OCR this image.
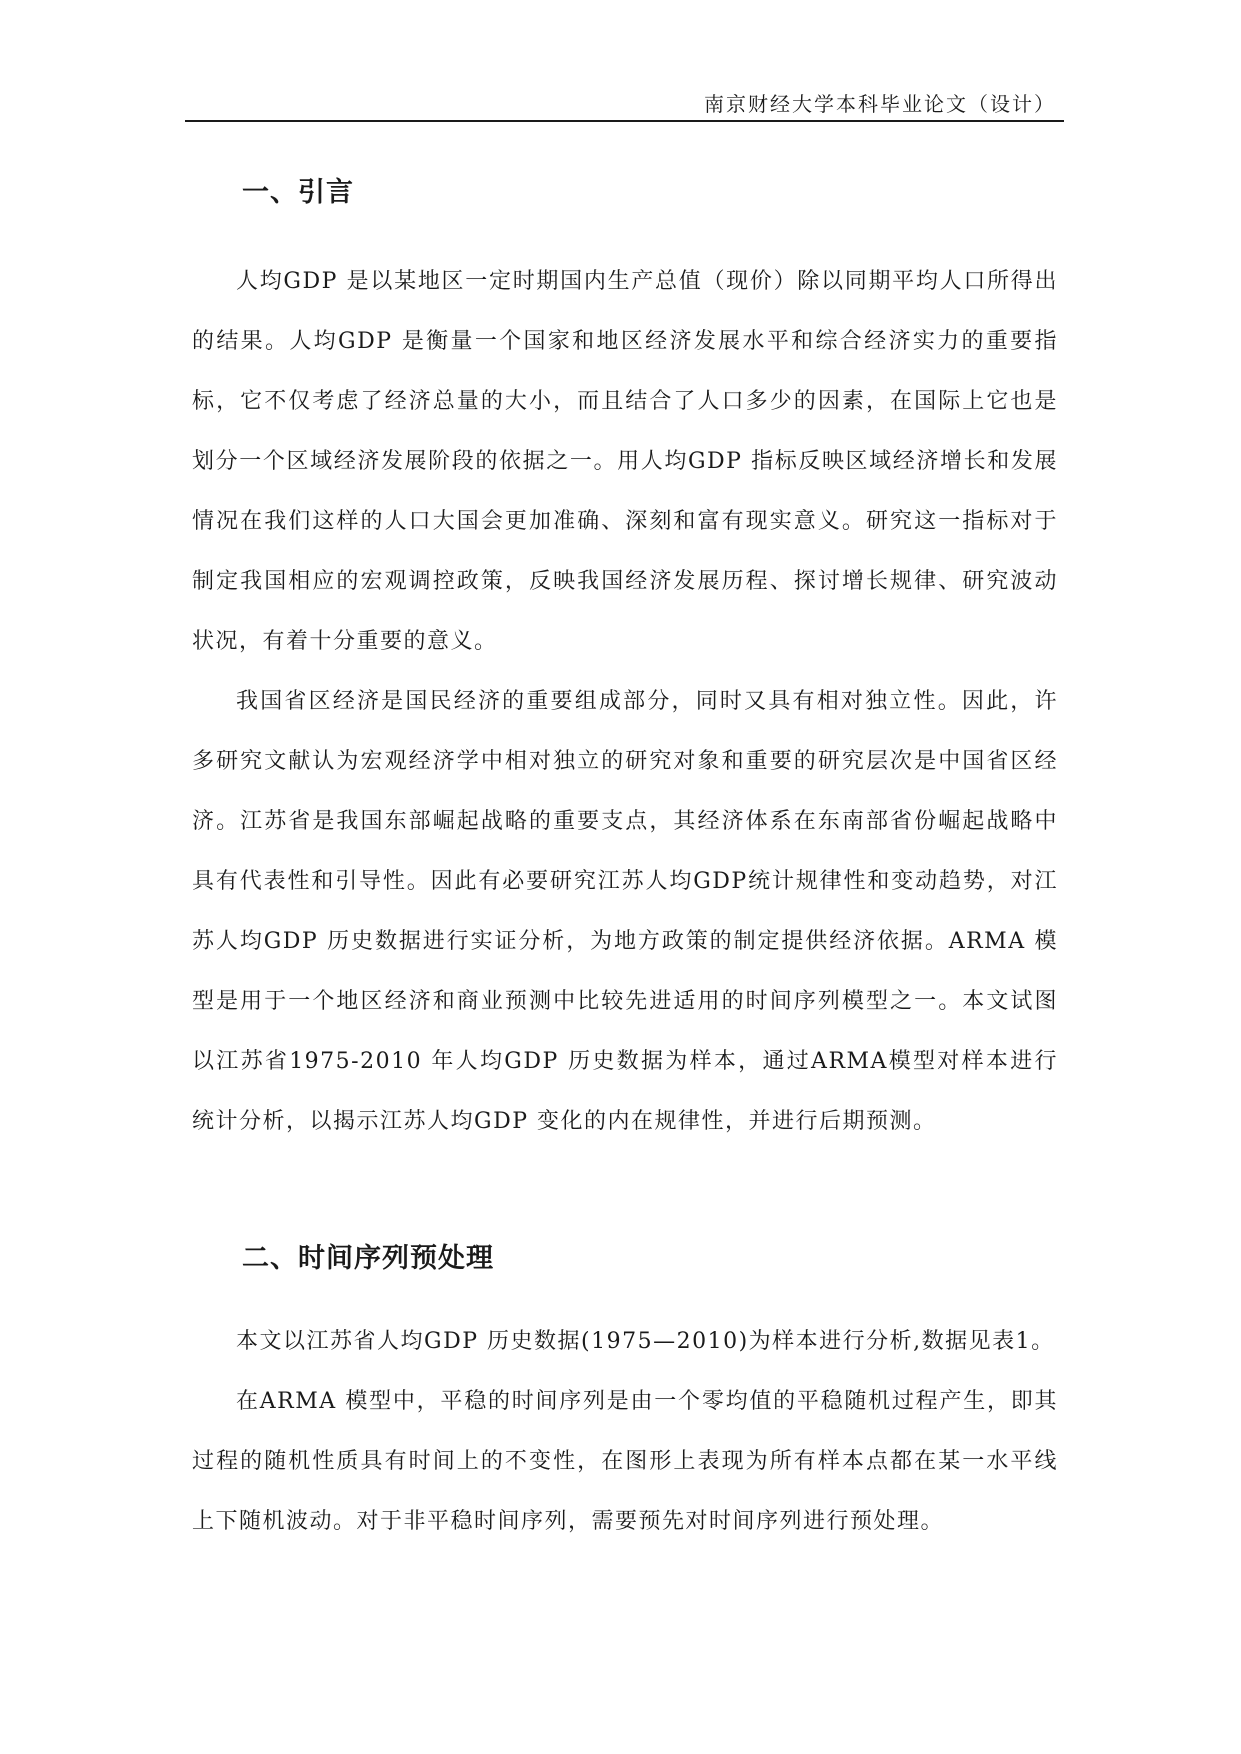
南京财经大学本科毕业论文（设计）
一、引言

人均GDP 是以某地区一定时期国内生产总值（现价）除以同期平均人口所得出的结果。人均GDP 是衡量一个国家和地区经济发展水平和综合经济实力的重要指标，它不仅考虑了经济总量的大小，而且结合了人口多少的因素，在国际上它也是划分一个区域经济发展阶段的依据之一。用人均GDP 指标反映区域经济增长和发展情况在我们这样的人口大国会更加准确、深刻和富有现实意义。研究这一指标对于制定我国相应的宏观调控政策，反映我国经济发展历程、探讨增长规律、研究波动状况，有着十分重要的意义。

我国省区经济是国民经济的重要组成部分，同时又具有相对独立性。因此，许多研究文献认为宏观经济学中相对独立的研究对象和重要的研究层次是中国省区经济。江苏省是我国东部崛起战略的重要支点，其经济体系在东南部省份崛起战略中具有代表性和引导性。因此有必要研究江苏人均GDP统计规律性和变动趋势，对江苏人均GDP 历史数据进行实证分析，为地方政策的制定提供经济依据。ARMA 模型是用于一个地区经济和商业预测中比较先进适用的时间序列模型之一。本文试图以江苏省1975-2010 年人均GDP 历史数据为样本，通过ARMA模型对样本进行统计分析，以揭示江苏人均GDP 变化的内在规律性，并进行后期预测。

二、时间序列预处理

本文以江苏省人均GDP 历史数据(1975—2010)为样本进行分析,数据见表1。

在ARMA 模型中，平稳的时间序列是由一个零均值的平稳随机过程产生，即其过程的随机性质具有时间上的不变性，在图形上表现为所有样本点都在某一水平线上下随机波动。对于非平稳时间序列，需要预先对时间序列进行预处理。
